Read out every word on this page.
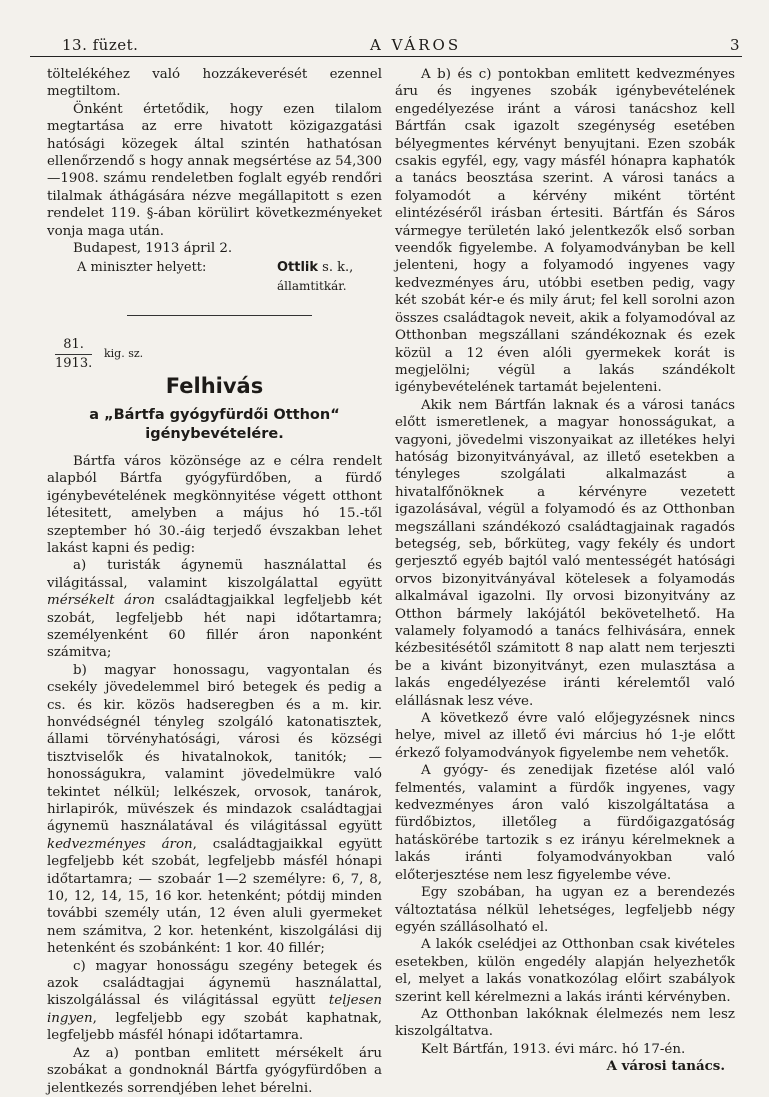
13. füzet.	A VÁROS	3

töltelékéhez való hozzákeverését ezennel megtiltom.

Önként értetődik, hogy ezen tilalom megtartása az erre hivatott közigazgatási hatósági közegek által szintén hathatósan ellenőrzendő s hogy annak megsértése az 54,300—1908. számu rendeletben foglalt egyéb rendőri tilalmak áthágására nézve megállapitott s ezen rendelet 119. §-ában körülirt következményeket vonja maga után.

Budapest, 1913 ápril 2.

A miniszter helyett:	Ottlik s. k.,
államtitkár.
$\frac{81.}{1913.}$ kig. sz.
Felhivás
a „Bártfa gyógyfürdői Otthon“ igénybevételére.

Bártfa város közönsége az e célra rendelt alapból Bártfa gyógyfürdőben, a fürdő igénybevételének megkönnyitése végett otthont létesitett, amelyben a május hó 15.-től szeptember hó 30.-áig terjedő évszakban lehet lakást kapni és pedig:

a) turisták ágynemü használattal és világitással, valamint kiszolgálattal együtt mérsékelt áron családtagjaikkal legfeljebb két szobát, legfeljebb hét napi időtartamra; személyenként 60 fillér áron naponként számitva;

b) magyar honossagu, vagyontalan és csekély jövedelemmel biró betegek és pedig a cs. és kir. közös hadseregben és a m. kir. honvédségnél tényleg szolgáló katonatisztek, állami törvényhatósági, városi és községi tisztviselők és hivatalnokok, tanitók; — honosságukra, valamint jövedelmükre való tekintet nélkül; lelkészek, orvosok, tanárok, hirlapirók, müvészek és mindazok családtagjai ágynemü használatával és világitással együtt kedvezményes áron, családtagjaikkal együtt legfeljebb két szobát, legfeljebb másfél hónapi időtartamra; — szobaár 1—2 személyre: 6, 7, 8, 10, 12, 14, 15, 16 kor. hetenként; pótdij minden további személy után, 12 éven aluli gyermeket nem számitva, 2 kor. hetenként, kiszolgálási dij hetenként és szobánként: 1 kor. 40 fillér;

c) magyar honosságu szegény betegek és azok családtagjai ágynemü használattal, kiszolgálással és világitással együtt teljesen ingyen, legfeljebb egy szobát kaphatnak, legfeljebb másfél hónapi időtartamra.

Az a) pontban emlitett mérsékelt áru szobákat a gondnoknál Bártfa gyógyfürdőben a jelentkezés sorrendjében lehet bérelni.

A b) és c) pontokban emlitett kedvezményes áru és ingyenes szobák igénybevételének engedélyezése iránt a városi tanácshoz kell Bártfán csak igazolt szegénység esetében bélyegmentes kérvényt benyujtani. Ezen szobák csakis egyfél, egy, vagy másfél hónapra kaphatók a tanács beosztása szerint. A városi tanács a folyamodót a kérvény miként történt elintézéséről irásban értesiti. Bártfán és Sáros vármegye területén lakó jelentkezők első sorban veendők figyelembe. A folyamodványban be kell jelenteni, hogy a folyamodó ingyenes vagy kedvezményes áru, utóbbi esetben pedig, vagy két szobát kér-e és mily árut; fel kell sorolni azon összes családtagok neveit, akik a folyamodóval az Otthonban megszállani szándékoznak és ezek közül a 12 éven alóli gyermekek korát is megjelölni; végül a lakás szándékolt igénybevételének tartamát bejelenteni.

Akik nem Bártfán laknak és a városi tanács előtt ismeretlenek, a magyar honosságukat, a vagyoni, jövedelmi viszonyaikat az illetékes helyi hatóság bizonyitványával, az illető esetekben a tényleges szolgálati alkalmazást a hivatalfőnöknek a kérvényre vezetett igazolásával, végül a folyamodó és az Otthonban megszállani szándékozó családtagjainak ragadós betegség, seb, bőrküteg, vagy fekély és undort gerjesztő egyéb bajtól való mentességét hatósági orvos bizonyitványával kötelesek a folyamodás alkalmával igazolni. Ily orvosi bizonyitvány az Otthon bármely lakójától bekövetelhető. Ha valamely folyamodó a tanács felhivására, ennek kézbesitésétől számitott 8 nap alatt nem terjeszti be a kivánt bizonyitványt, ezen mulasztása a lakás engedélyezése iránti kérelemtől való elállásnak lesz véve.

A következő évre való előjegyzésnek nincs helye, mivel az illető évi március hó 1-je előtt érkező folyamodványok figyelembe nem vehetők.

A gyógy- és zenedijak fizetése alól való felmentés, valamint a fürdők ingyenes, vagy kedvezményes áron való kiszolgáltatása a fürdőbiztos, illetőleg a fürdőigazgatóság hatáskörébe tartozik s ez irányu kérelmeknek a lakás iránti folyamodványokban való előterjesztése nem lesz figyelembe véve.

Egy szobában, ha ugyan ez a berendezés változtatása nélkül lehetséges, legfeljebb négy egyén szállásolható el.

A lakók cselédjei az Otthonban csak kivételes esetekben, külön engedély alapján helyezhetők el, melyet a lakás vonatkozólag előirt szabályok szerint kell kérelmezni a lakás iránti kérvényben.

Az Otthonban lakóknak élelmezés nem lesz kiszolgáltatva.

Kelt Bártfán, 1913. évi márc. hó 17-én.

A városi tanács.
